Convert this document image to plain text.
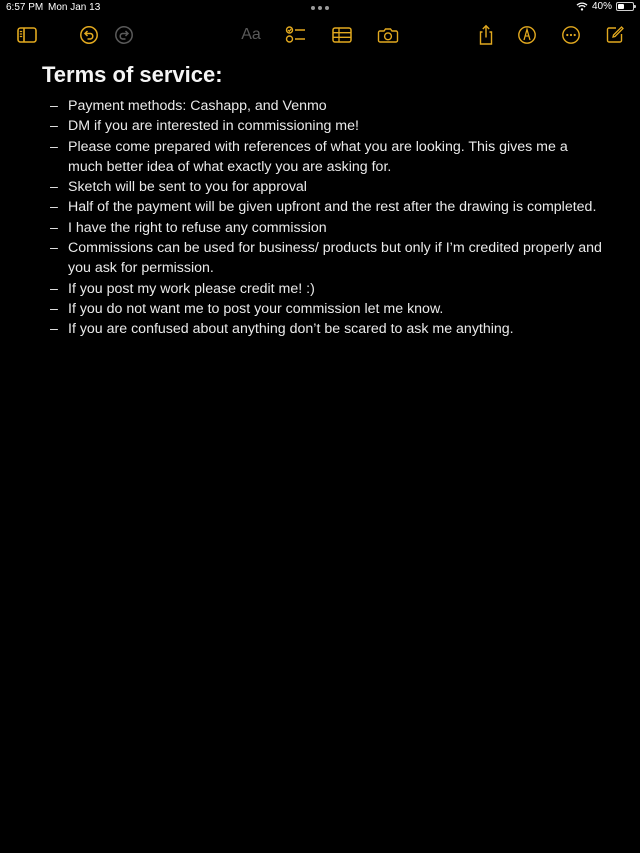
6:57 PM Mon Jan 13	40%
Aa
Terms of service:
– Payment methods: Cashapp, and Venmo
– DM if you are interested in commissioning me!
– Please come prepared with references of what you are looking. This gives me a much better idea of what exactly you are asking for.
– Sketch will be sent to you for approval
– Half of the payment will be given upfront and the rest after the drawing is completed.
– I have the right to refuse any commission
– Commissions can be used for business/ products but only if I’m credited properly and you ask for permission.
– If you post my work please credit me! :)
– If you do not want me to post your commission let me know.
– If you are confused about anything don’t be scared to ask me anything.
